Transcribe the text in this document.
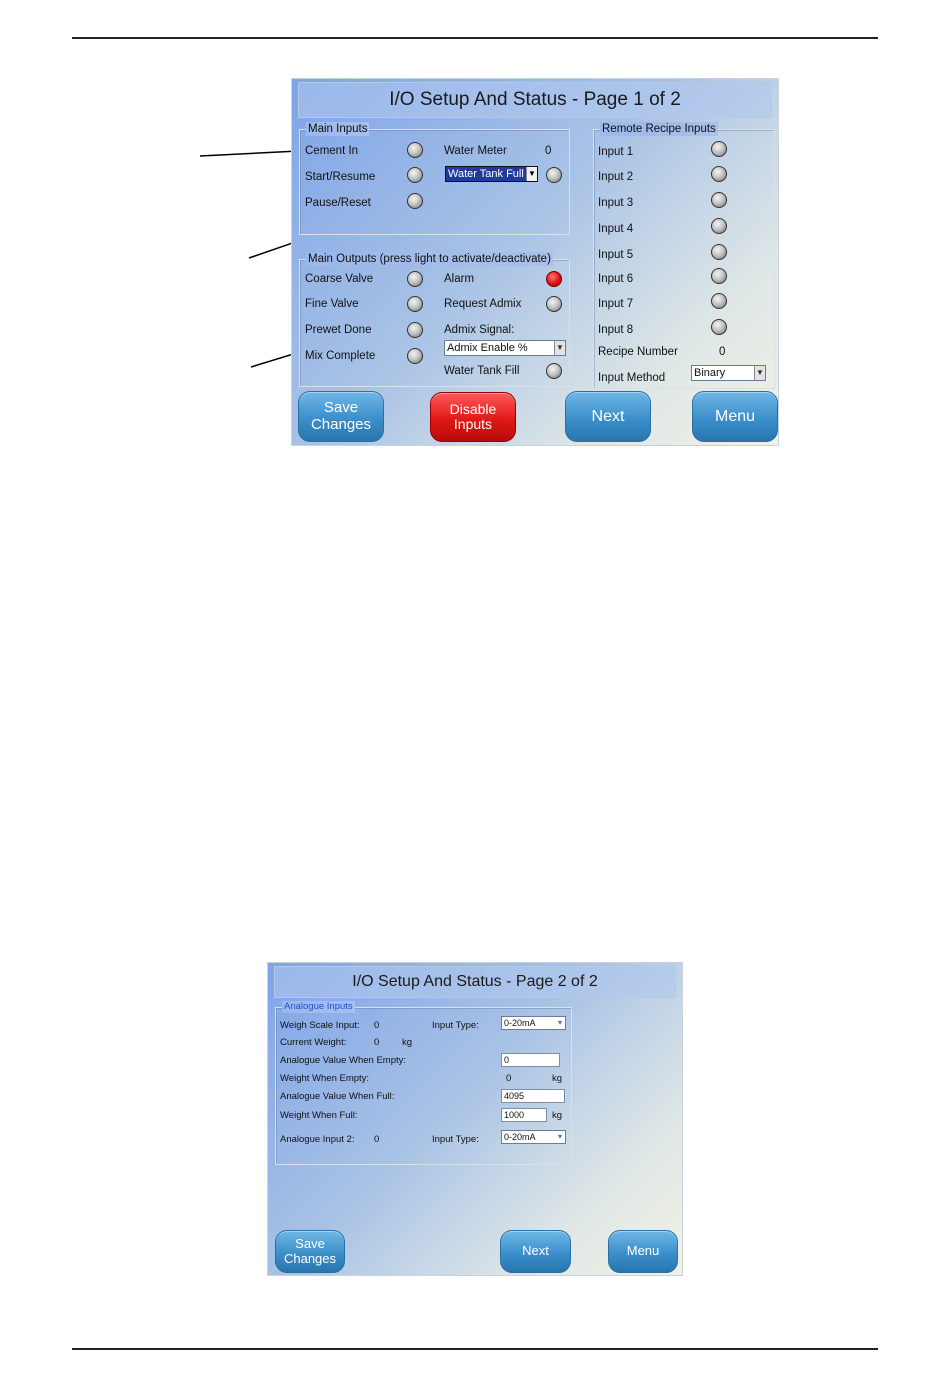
I/O Setup And Status - Page 1 of 2
Main Inputs
Cement In
Start/Resume
Pause/Reset
Water Meter	0
Water Tank Full ▼
Main Outputs (press light to activate/deactivate)
Coarse Valve
Fine Valve
Prewet Done
Mix Complete
Alarm
Request Admix
Admix Signal:
Admix Enable %	▼
Water Tank Fill
Remote Recipe Inputs
Input 1
Input 2
Input 3
Input 4
Input 5
Input 6
Input 7
Input 8
Recipe Number	0
Input Method	Binary	▼
Save
Changes
Disable
Inputs	Next	Menu
I/O Setup And Status - Page 2 of 2
Analogue Inputs
Weigh Scale Input: 0	Input Type:	0-20mA	▾
Current Weight:	0 kg
Analogue Value When Empty:	0
Weight When Empty:	0	kg
Analogue Value When Full:	4095
Weight When Full:	1000	kg
Analogue Input 2: 0	Input Type:	0-20mA	▾
Save
Changes	Next	Menu
